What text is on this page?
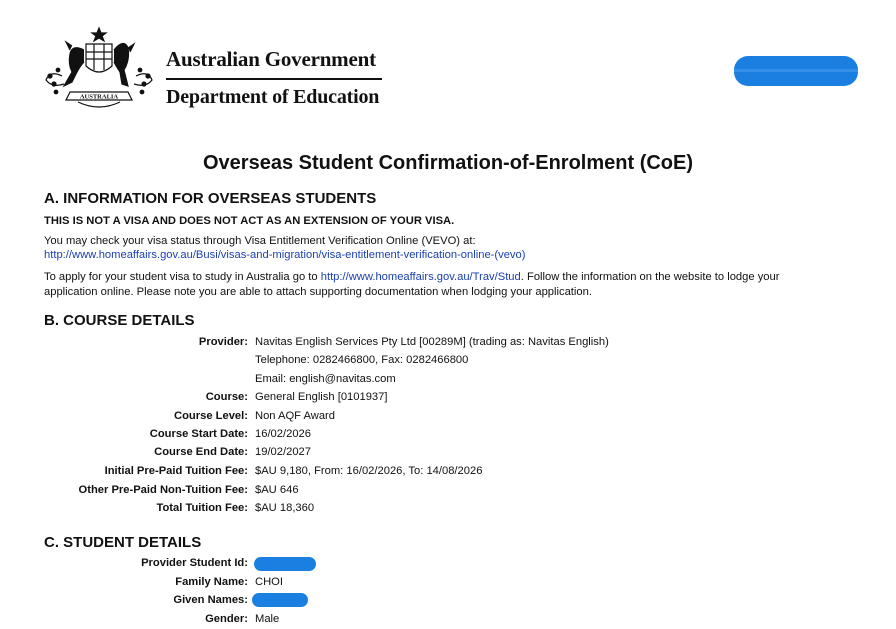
AUSTRALIA
Australian Government
Department of Education
Overseas Student Confirmation-of-Enrolment (CoE)
A. INFORMATION FOR OVERSEAS STUDENTS
THIS IS NOT A VISA AND DOES NOT ACT AS AN EXTENSION OF YOUR VISA.
You may check your visa status through Visa Entitlement Verification Online (VEVO) at:
http://www.homeaffairs.gov.au/Busi/visas-and-migration/visa-entitlement-verification-online-(vevo)
To apply for your student visa to study in Australia go to http://www.homeaffairs.gov.au/Trav/Stud. Follow the information on the website to lodge your
application online. Please note you are able to attach supporting documentation when lodging your application.
B. COURSE DETAILS
Provider: Navitas English Services Pty Ltd [00289M] (trading as: Navitas English)
Telephone: 0282466800, Fax: 0282466800
Email: english@navitas.com
Course: General English [0101937]
Course Level: Non AQF Award
Course Start Date: 16/02/2026
Course End Date: 19/02/2027
Initial Pre-Paid Tuition Fee: $AU 9,180, From: 16/02/2026, To: 14/08/2026
Other Pre-Paid Non-Tuition Fee: $AU 646
Total Tuition Fee: $AU 18,360
C. STUDENT DETAILS
Provider Student Id:
Family Name: CHOI
Given Names:
Gender: Male
